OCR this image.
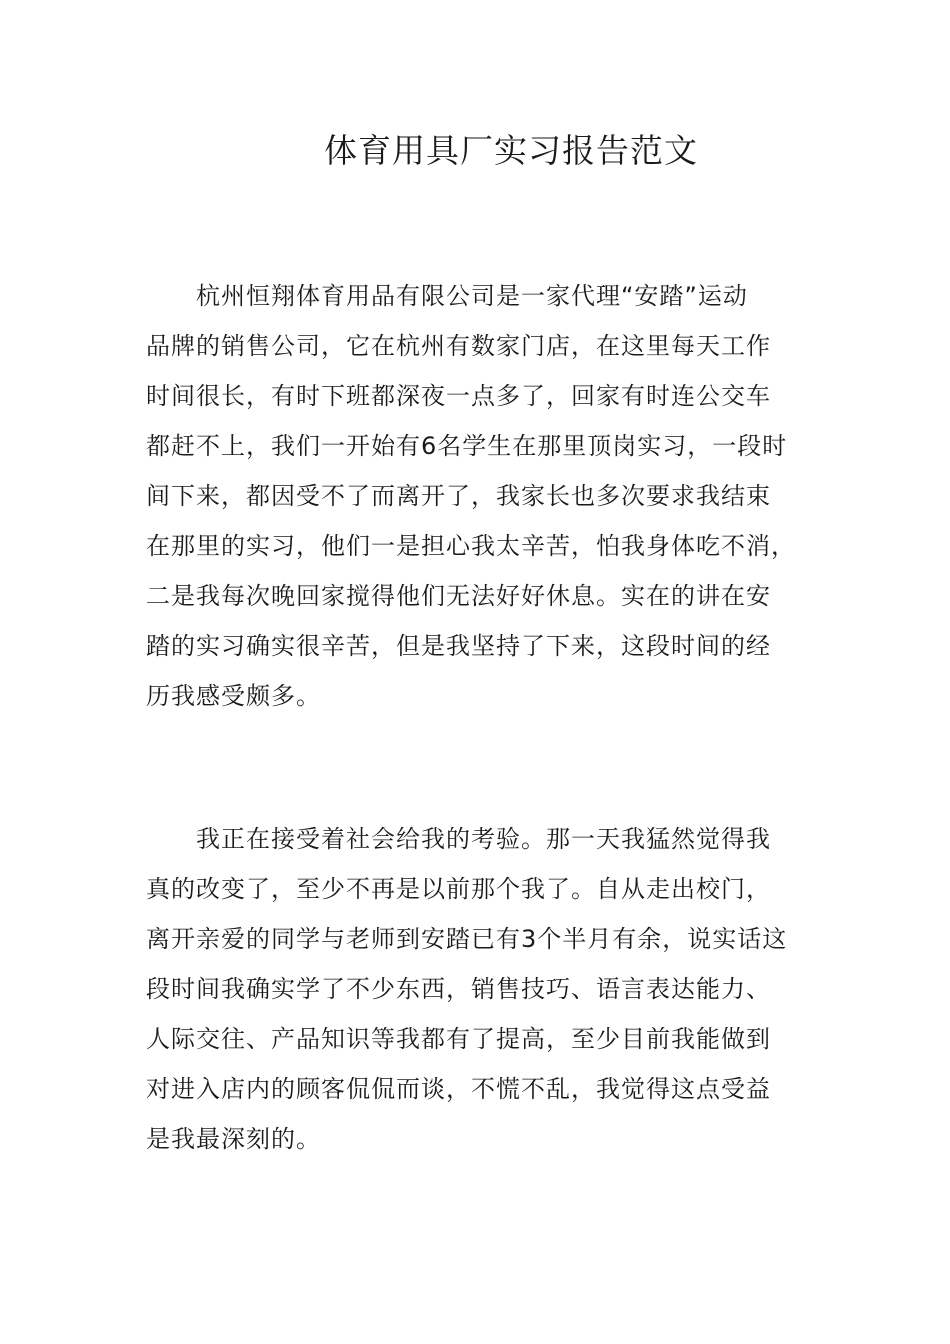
体育用具厂实习报告范文
杭州恒翔体育用品有限公司是一家代理“安踏”运动
品牌的销售公司，它在杭州有数家门店，在这里每天工作
时间很长，有时下班都深夜一点多了，回家有时连公交车
都赶不上，我们一开始有6名学生在那里顶岗实习，一段时
间下来，都因受不了而离开了，我家长也多次要求我结束
在那里的实习，他们一是担心我太辛苦，怕我身体吃不消，
二是我每次晚回家搅得他们无法好好休息。实在的讲在安
踏的实习确实很辛苦，但是我坚持了下来，这段时间的经
历我感受颇多。
我正在接受着社会给我的考验。那一天我猛然觉得我
真的改变了，至少不再是以前那个我了。自从走出校门，
离开亲爱的同学与老师到安踏已有3个半月有余，说实话这
段时间我确实学了不少东西，销售技巧、语言表达能力、
人际交往、产品知识等我都有了提高，至少目前我能做到
对进入店内的顾客侃侃而谈，不慌不乱，我觉得这点受益
是我最深刻的。
